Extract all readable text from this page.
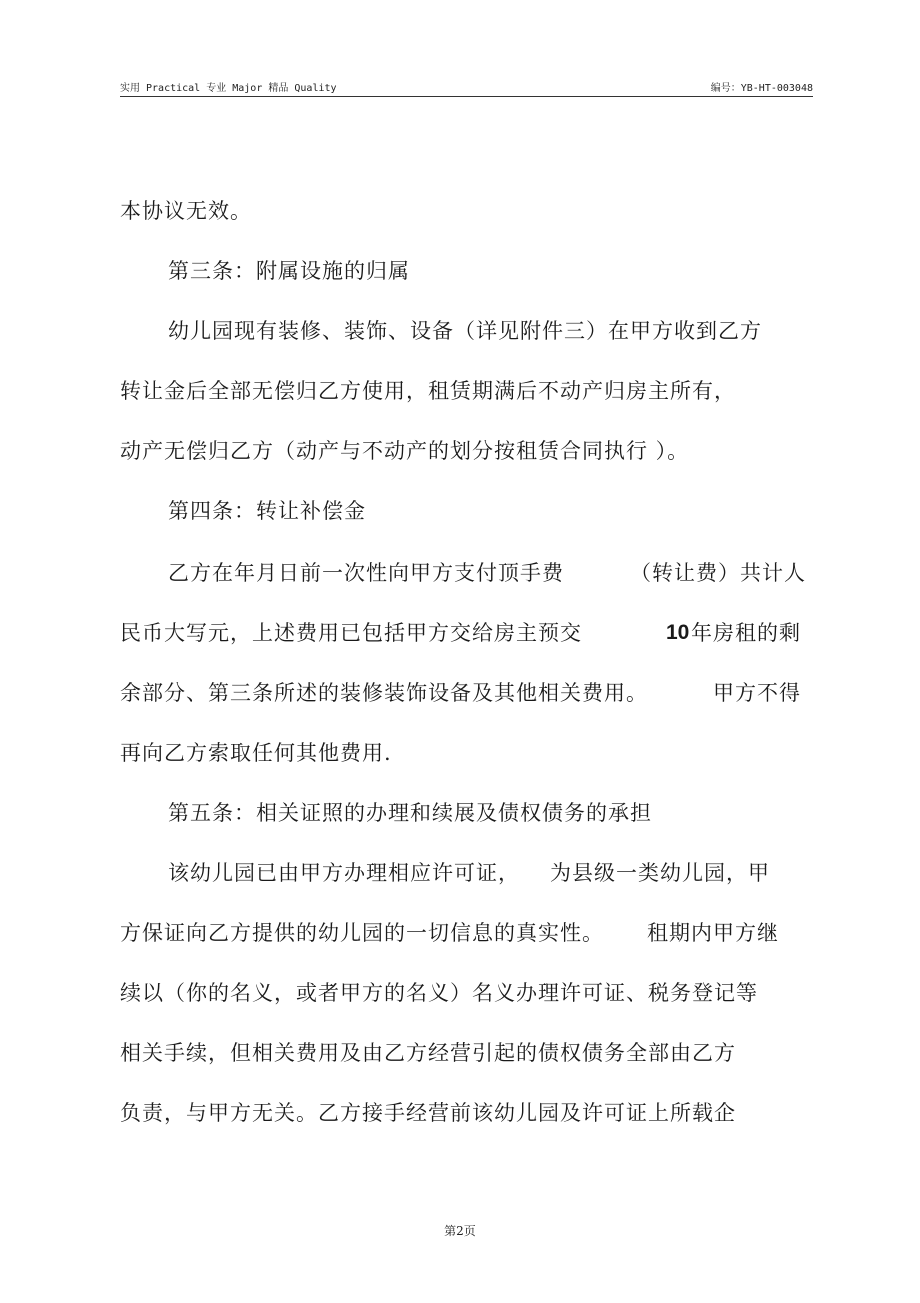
实用 Practical 专业 Major 精品 Quality	编号：YB-HT-003048
本协议无效。
第三条：附属设施的归属
幼儿园现有装修、装饰、设备（详见附件三）在甲方收到乙方
转让金后全部无偿归乙方使用，租赁期满后不动产归房主所有，
动产无偿归乙方（动产与不动产的划分按租赁合同执行 ）。
第四条：转让补偿金
乙方在年月日前一次性向甲方支付顶手费	（转让费）共计人
民币大写元，上述费用已包括甲方交给房主预交	10 年房租的剩
余部分、第三条所述的装修装饰设备及其他相关费用。	甲方不得
再向乙方索取任何其他费用.
第五条：相关证照的办理和续展及债权债务的承担
该幼儿园已由甲方办理相应许可证， 为县级一类幼儿园，甲
方保证向乙方提供的幼儿园的一切信息的真实性。 租期内甲方继
续以（你的名义，或者甲方的名义）名义办理许可证、税务登记等
相关手续，但相关费用及由乙方经营引起的债权债务全部由乙方
负责，与甲方无关。乙方接手经营前该幼儿园及许可证上所载企
第2页
